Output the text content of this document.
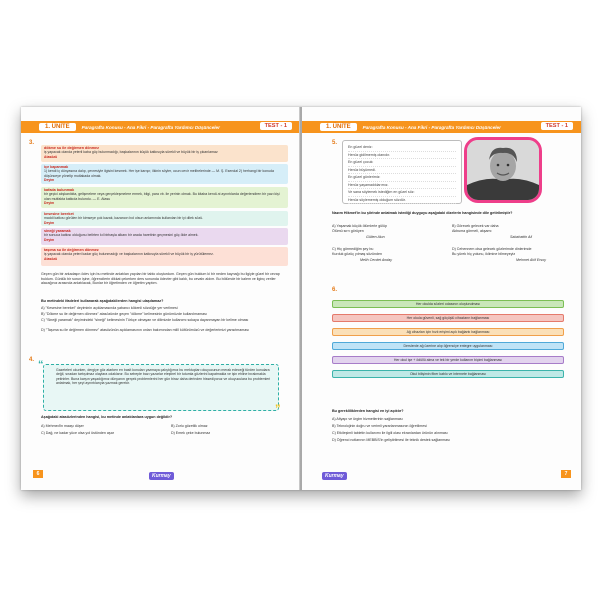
1. ÜNİTE	Paragrafta Konusu - Ana Fikri - Paragrafta Yardımcı Düşünceler	TEST - 1
3.
dökme su ile değirmen dönmez
iş yapacak olanda yeterli kaba güç bulunmadığı, başkalarının küçük katkısıyla sürekli ve büyük bir iş çıkarılamaz
Atasözü
içe kapanmak
1) kendi iç dünyasına dalıp, çevresiyle ilgisini kesmek. Her işe karışır, ilkinin söyler, ocun cevir melihelerinde — M. Ş. Esendal 2) herhangi bir konuda düşünceye yönelip mutlakada olmak.
Deyim
kafada bulunmak
bir geçici alışkanlıkta, gelişmelere veya gerçekleşmelere ermek, bilgi, para vb. ile yerinin olmak. Bu kitaba kendi-ni ayrıntılarda değerlendiren bir yazı kişi olan mutfakta katkıda bulundu. — E. Atasu
Deyim
kesesine bereket
maddi katkısı görülen bir kimseye çok kazak, kazancın bol olsun anlamında kullanılan bir iyi dilek sözü.
Deyim
sineği yaramak
bir sonuca katkısı olduğunu belirten kıl birbaşla alkanı bir arada haretinin geçmesini güç ölde almek.
Deyim
taşıma su ile değirmen dönmez
iş yapacak olanda yeteri kadar güç bulunmadığı ve başkalarının katkısıyla sürekli ve büyük bir iş yürütülemez.
Atasözü
Geçen gün bir arkadaşın ödev için bu metinde anlatılan yapılan bir tablo oluşturdum. Geçen gün buldum ki bir neden kaynağı bu ilgiyle güzel bir cevap buldum. Günlük bir sorun işine, öğrencilerin dikkat çekerken ders sonunda ödevler gibi kaldı, bu cevabı aldım. Bu bölümde bir kalem ve ilginç veriler alacağınız arasında anlatılacak, Bunlar bir öğretimden ve öğretim yaptım.
Bu metindeki ifadeleri kullanarak aşağıdakilerden hangisi ulaşılamaz?
A) "Kesesine bereket" deyiminin açıklamasında yabancı kökenli sözcüğe yer verilmesi
B) "Dökme su ile değirmen dönmez" atasözünde geçen "dökme" kelimesinin günümüzde kullanılmaması
C) "Sineği yaramak" deyimindeki "sineği" kelimesinin Türkçe olmayan ve dilimizde kullanımı sokaya dayanmayan bir kelime olması
D) "Taşıma su ile değirmen dönmez" atasözünün açıklamasının onları bakımından millî kültürümüzü ve değerlerimizi yansıtmaması
4.
Gazeteleri okurken, dergiye göz atarken en basit konuları yazmaya çalıştığımız bu mektupları okuyucunun merak edeceği türden konulara değil, sıradan tartışılmaz olaylara odaklanır. Bu sebeple bazı yazarlar eleştirel bir tutumla gözlerini kapatmakla ve işin ehline bırakmakla yetinirler. Buna karşın yaşadığımız dünyanın gerçek problemlerini her gün biraz daha derinden hissediyoruz ve okuyuculara bu problemleri anlatmak, her şeyi ayrıntılarıyla yazmak gerekir.
“
”
Aşağıdaki atasözlerinden hangisi, bu metinde anlatılanlara uygun değildir?
A) Mehmed'in maaşı düşer	B) Zorlu gözetlik olmaz
C) Dağ, ne kadar yüce olsa yol üstünden aşar	D) Emek çeke bulunmaz
6	Kurmay
1. ÜNİTE	Paragrafta Konusu - Ana Fikri - Paragrafta Yardımcı Düşünceler	TEST - 1
5.
En güzel deniz:
Henüz gidilmemiş olanıdır.
En güzel çocuk:
Henüz büyümedi.
En güzel günlerimiz:
Henüz yaşamadıklarımız.
Ve sana söylemek istediğim en güzel söz:
Henüz söylememiş olduğum sözdür.
Nazım Hikmet'in bu şiirinde anlatmak istediği duyguyu aşağıdaki dizelerin hangisinde dile getirilmiştir?
A) Yaşamak küçük ölümlerle gülüp
Ölümü sırrı görüyen
Gülten Akın
B) Görecek gelecek var daha
Akbuma görmeli, akşamı
Sabahattin Ali
C) Hiç görmediğim şey bu
Kurduk gözüç yılmaş sözünden
Melih Cevdet Anday
D) Cehennem olsa gelecek gözlerimde dinlerimde
Bu yürek hiç yolunu, iklimine bilmeyeyiz
Mehmet Akif Ersoy
6.
Her okulda sözleri odasının oluşturulması
Her okula güvenli, sağ göçüşlü cihazların bağlanması
Ağ cihazları için hızlı erişimi açık bağlantı bağlanması
Derslerde ağ üzerine alıp öğrenciye entegre uygulanması
Her okul işe + ödüllü alma ve tek bir yerde kullanım biçimi bağlanması
Okul bilişimin fiber kablo ve internete bağlanması
Bu gerekliliklerden hangisi en iyi açıktır?
A) Altyapı ve ürgim hizmetlerinin sağlanması
B) Teknolojinin doğru ve verimli yararlanmasının öğretilmesi
C) Etkileşimli tabletin kullanımı ile ilgili olası ekranlardan ürünün alınması
D) Öğrenci notlarının MEBBİS'in geliştirilmesi ile teknik destek sağlanması
Kurmay	7
